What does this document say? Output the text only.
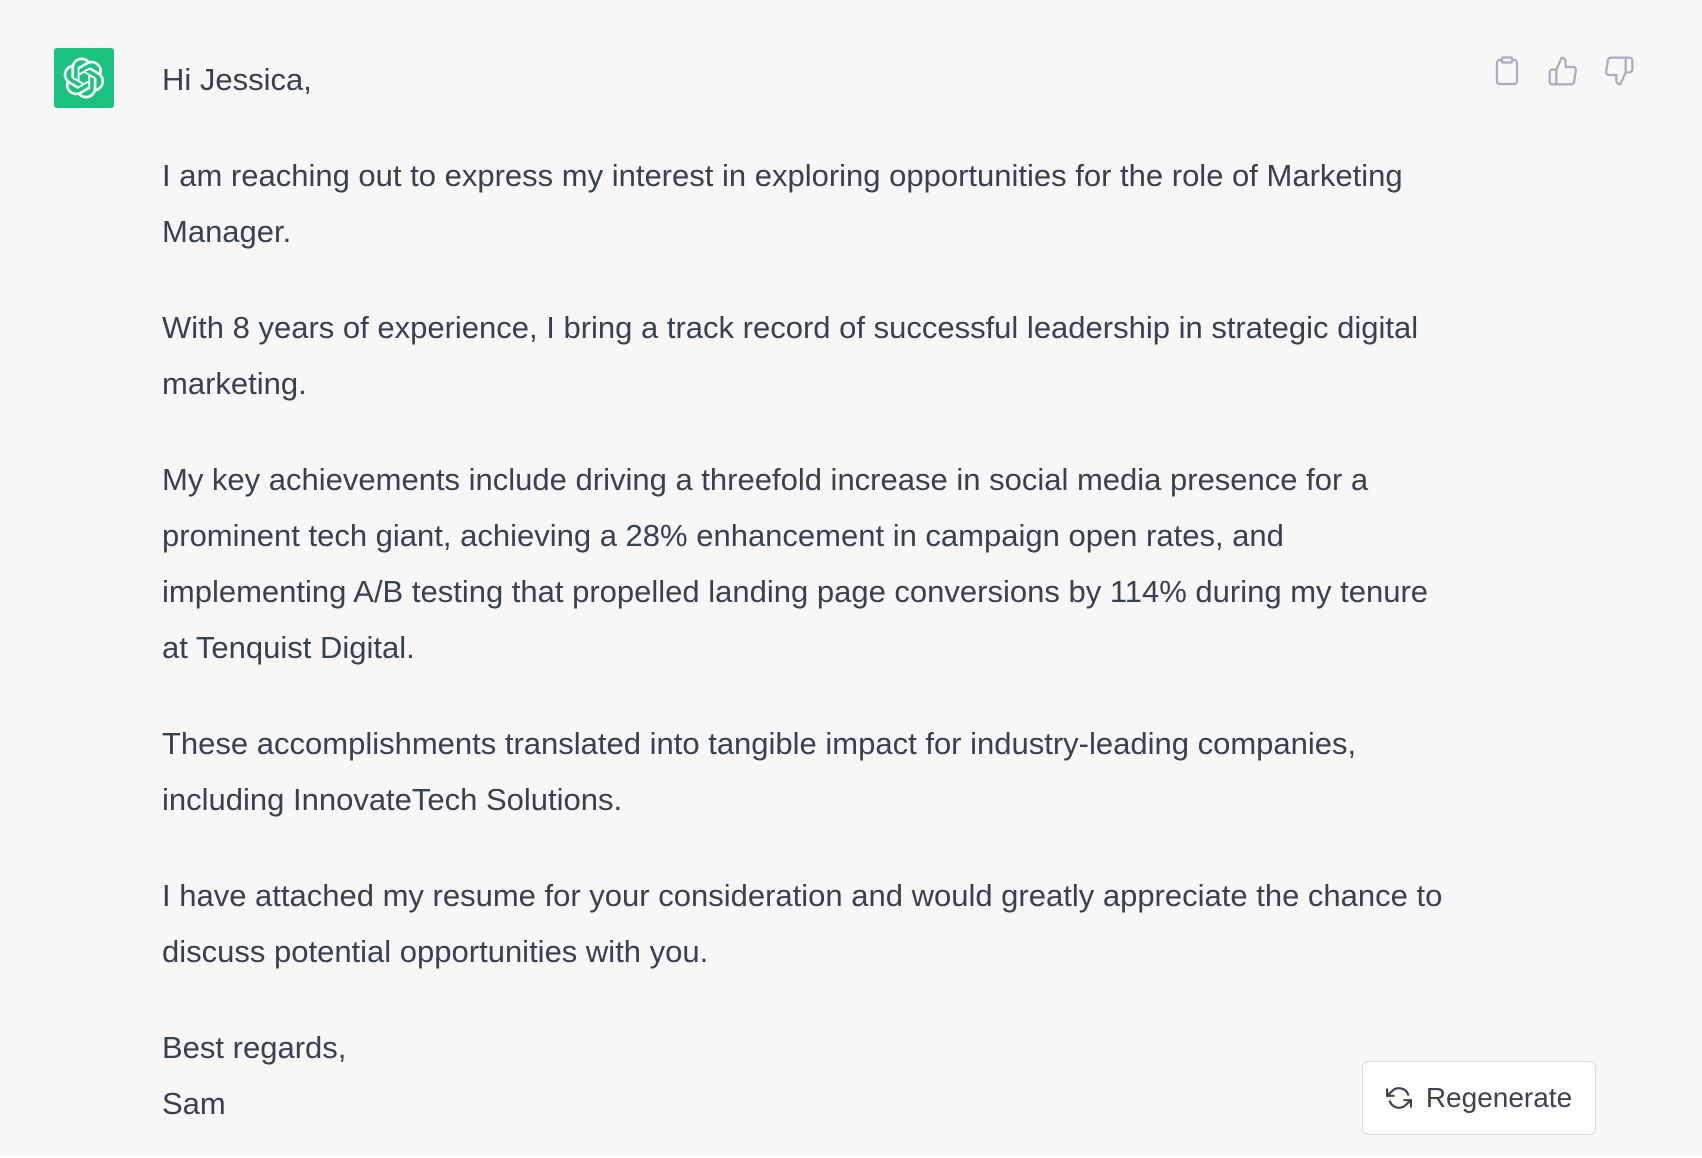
Hi Jessica,

I am reaching out to express my interest in exploring opportunities for the role of Marketing Manager.

With 8 years of experience, I bring a track record of successful leadership in strategic digital marketing.

My key achievements include driving a threefold increase in social media presence for a prominent tech giant, achieving a 28% enhancement in campaign open rates, and implementing A/B testing that propelled landing page conversions by 114% during my tenure at Tenquist Digital.

These accomplishments translated into tangible impact for industry-leading companies, including InnovateTech Solutions.

I have attached my resume for your consideration and would greatly appreciate the chance to discuss potential opportunities with you.

Best regards,
Sam	Regenerate
